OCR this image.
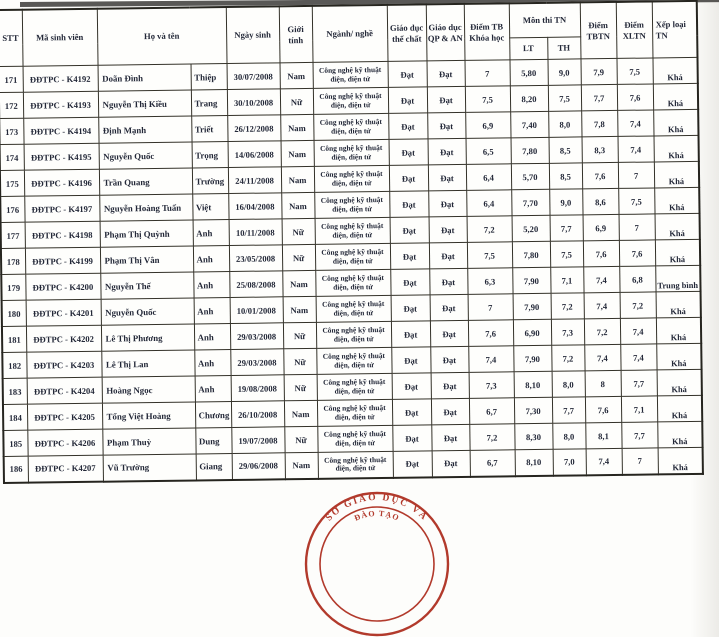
STT	Mã sinh viên	Họ và tên		Ngày sinh	Giới tính	Ngành/ nghề	Giáo dục thể chất	Giáo dục QP & AN	Điểm TB Khóa học	Môn thi TN		Điểm TBTN	Điểm XLTN	Xếp loại TN
										LT	TH			
171	ĐĐTPC - K4192	Doãn Đình	Thiệp	30/07/2008	Nam	Công nghệ kỹ thuật điện, điện tử	Đạt	Đạt	7	5,80	9,0	7,9	7,5	Khá
172	ĐĐTPC - K4193	Nguyễn Thị Kiều	Trang	30/10/2008	Nữ	Công nghệ kỹ thuật điện, điện tử	Đạt	Đạt	7,5	8,20	7,5	7,7	7,6	Khá
173	ĐĐTPC - K4194	Định Mạnh	Triết	26/12/2008	Nam	Công nghệ kỹ thuật điện, điện tử	Đạt	Đạt	6,9	7,40	8,0	7,8	7,4	Khá
174	ĐĐTPC - K4195	Nguyễn Quốc	Trọng	14/06/2008	Nam	Công nghệ kỹ thuật điện, điện tử	Đạt	Đạt	6,5	7,80	8,5	8,3	7,4	Khá
175	ĐĐTPC - K4196	Trần Quang	Trường	24/11/2008	Nam	Công nghệ kỹ thuật điện, điện tử	Đạt	Đạt	6,4	5,70	8,5	7,6	7	Khá
176	ĐĐTPC - K4197	Nguyễn Hoàng Tuấn	Việt	16/04/2008	Nam	Công nghệ kỹ thuật điện, điện tử	Đạt	Đạt	6,4	7,70	9,0	8,6	7,5	Khá
177	ĐĐTPC - K4198	Phạm Thị Quỳnh	Anh	10/11/2008	Nữ	Công nghệ kỹ thuật điện, điện tử	Đạt	Đạt	7,2	5,20	7,7	6,9	7	Khá
178	ĐĐTPC - K4199	Phạm Thị Vân	Anh	23/05/2008	Nữ	Công nghệ kỹ thuật điện, điện tử	Đạt	Đạt	7,5	7,80	7,5	7,6	7,6	Khá
179	ĐĐTPC - K4200	Nguyễn Thế	Anh	25/08/2008	Nam	Công nghệ kỹ thuật điện, điện tử	Đạt	Đạt	6,3	7,90	7,1	7,4	6,8	Trung bình
180	ĐĐTPC - K4201	Nguyễn Quốc	Anh	10/01/2008	Nam	Công nghệ kỹ thuật điện, điện tử	Đạt	Đạt	7	7,90	7,2	7,4	7,2	Khá
181	ĐĐTPC - K4202	Lê Thị Phương	Anh	29/03/2008	Nữ	Công nghệ kỹ thuật điện, điện tử	Đạt	Đạt	7,6	6,90	7,3	7,2	7,4	Khá
182	ĐĐTPC - K4203	Lê Thị Lan	Anh	29/03/2008	Nữ	Công nghệ kỹ thuật điện, điện tử	Đạt	Đạt	7,4	7,90	7,2	7,4	7,4	Khá
183	ĐĐTPC - K4204	Hoàng Ngọc	Anh	19/08/2008	Nữ	Công nghệ kỹ thuật điện, điện tử	Đạt	Đạt	7,3	8,10	8,0	8	7,7	Khá
184	ĐĐTPC - K4205	Tổng Việt Hoàng	Chương	26/10/2008	Nam	Công nghệ kỹ thuật điện, điện tử	Đạt	Đạt	6,7	7,30	7,7	7,6	7,1	Khá
185	ĐĐTPC - K4206	Phạm Thuỳ	Dung	19/07/2008	Nữ	Công nghệ kỹ thuật điện, điện tử	Đạt	Đạt	7,2	8,30	8,0	8,1	7,7	Khá
186	ĐĐTPC - K4207	Vũ Trường	Giang	29/06/2008	Nam	Công nghệ kỹ thuật điện, điện tử	Đạt	Đạt	6,7	8,10	7,0	7,4	7	Khá
SỞ GIÁO DỤC VÀ
ĐÀO TẠO
